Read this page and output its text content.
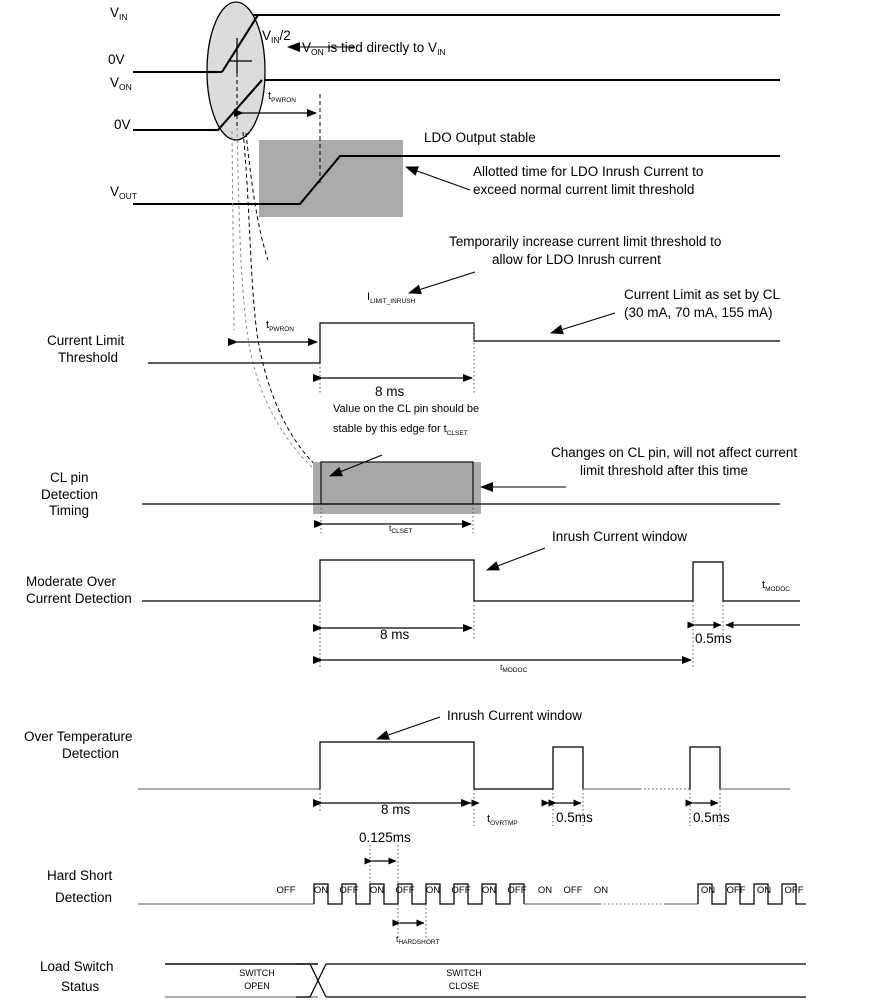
$V_{IN}$
0V
$V_{ON}$
0V
$V_{OUT}$
$V_{IN}/2$
$V_{ON}$ is tied directly to $V_{IN}$
$t_{PWRON}$
LDO Output stable
Allotted time for LDO Inrush Current to
exceed normal current limit threshold
Current Limit
Threshold
$t_{PWRON}$
$I_{LIMIT\_INRUSH}$
Temporarily increase current limit threshold to
allow for LDO Inrush current
Current Limit as set by CL
(30 mA, 70 mA, 155 mA)
8 ms
Value on the CL pin should be
stable by this edge for $t_{CLSET}$
CL pin
Detection
Timing
$t_{CLSET}$
Changes on CL pin, will not affect current
limit threshold after this time
Moderate Over
Current Detection
Inrush Current window
8 ms	0.5ms
$t_{MODOC}$
$t_{MODOC}$
Over Temperature
Detection
Inrush Current window
8 ms
$t_{OVRTMP}$	0.5ms	0.5ms
Hard Short
Detection	OFF ON OFF ON OFF ON OFF ON OFF ON OFF ON	ON OFF ON OFF
0.125ms
tHARDSHORT
Load Switch
Status
SWITCH
OPEN
SWITCH
CLOSE
